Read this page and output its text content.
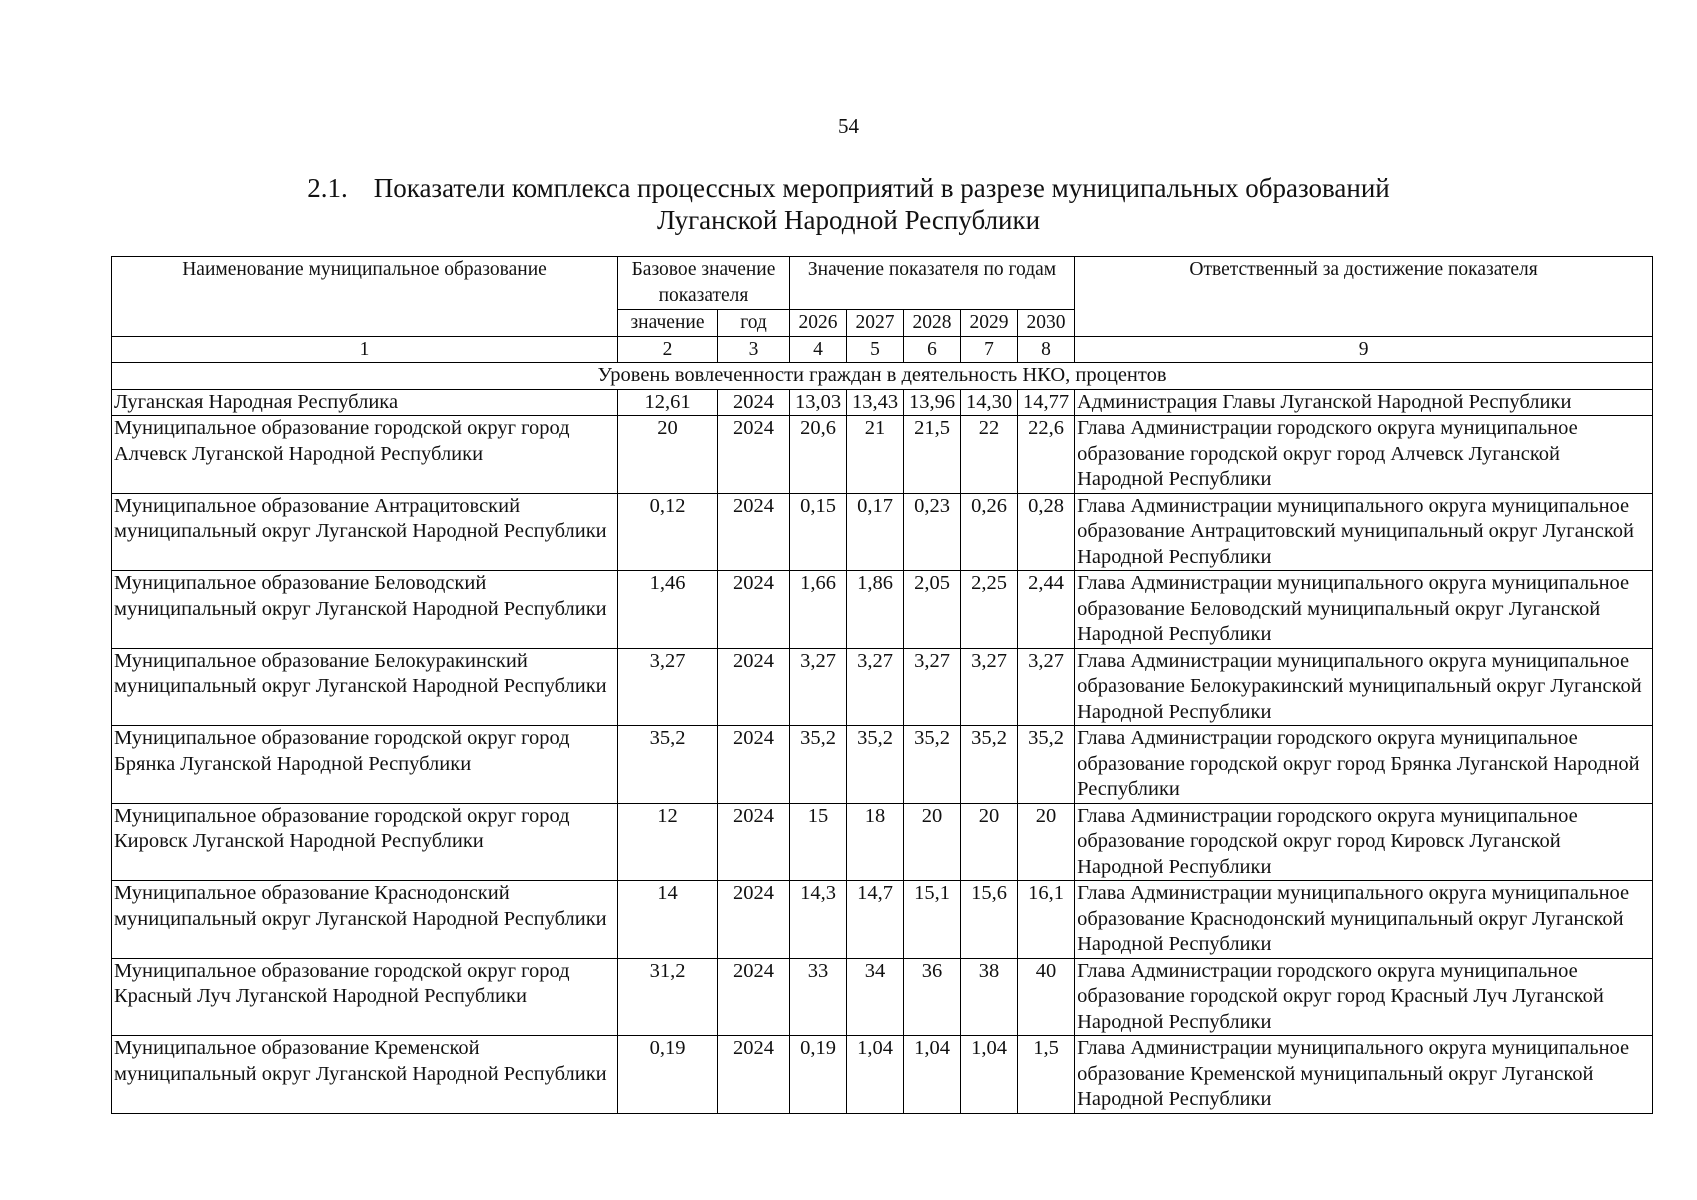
54
2.1. Показатели комплекса процессных мероприятий в разрезе муниципальных образований
Луганской Народной Республики
Наименование муниципальное образование	Базовое значение показателя		Значение показателя по годам					Ответственный за достижение показателя
	значение	год	2026	2027	2028	2029	2030	
1	2	3	4	5	6	7	8	9
Уровень вовлеченности граждан в деятельность НКО, процентов								
Луганская Народная Республика	12,61	2024	13,03	13,43	13,96	14,30	14,77	Администрация Главы Луганской Народной Республики
Муниципальное образование городской округ город Алчевск Луганской Народной Республики	20	2024	20,6	21	21,5	22	22,6	Глава Администрации городского округа муниципальное образование городской округ город Алчевск Луганской Народной Республики
Муниципальное образование Антрацитовский муниципальный округ Луганской Народной Республики	0,12	2024	0,15	0,17	0,23	0,26	0,28	Глава Администрации муниципального округа муниципальное образование Антрацитовский муниципальный округ Луганской Народной Республики
Муниципальное образование Беловодский муниципальный округ Луганской Народной Республики	1,46	2024	1,66	1,86	2,05	2,25	2,44	Глава Администрации муниципального округа муниципальное образование Беловодский муниципальный округ Луганской Народной Республики
Муниципальное образование Белокуракинский муниципальный округ Луганской Народной Республики	3,27	2024	3,27	3,27	3,27	3,27	3,27	Глава Администрации муниципального округа муниципальное образование Белокуракинский муниципальный округ Луганской Народной Республики
Муниципальное образование городской округ город Брянка Луганской Народной Республики	35,2	2024	35,2	35,2	35,2	35,2	35,2	Глава Администрации городского округа муниципальное образование городской округ город Брянка Луганской Народной Республики
Муниципальное образование городской округ город Кировск Луганской Народной Республики	12	2024	15	18	20	20	20	Глава Администрации городского округа муниципальное образование городской округ город Кировск Луганской Народной Республики
Муниципальное образование Краснодонский муниципальный округ Луганской Народной Республики	14	2024	14,3	14,7	15,1	15,6	16,1	Глава Администрации муниципального округа муниципальное образование Краснодонский муниципальный округ Луганской Народной Республики
Муниципальное образование городской округ город Красный Луч Луганской Народной Республики	31,2	2024	33	34	36	38	40	Глава Администрации городского округа муниципальное образование городской округ город Красный Луч Луганской Народной Республики
Муниципальное образование Кременской муниципальный округ Луганской Народной Республики	0,19	2024	0,19	1,04	1,04	1,04	1,5	Глава Администрации муниципального округа муниципальное образование Кременской муниципальный округ Луганской Народной Республики
